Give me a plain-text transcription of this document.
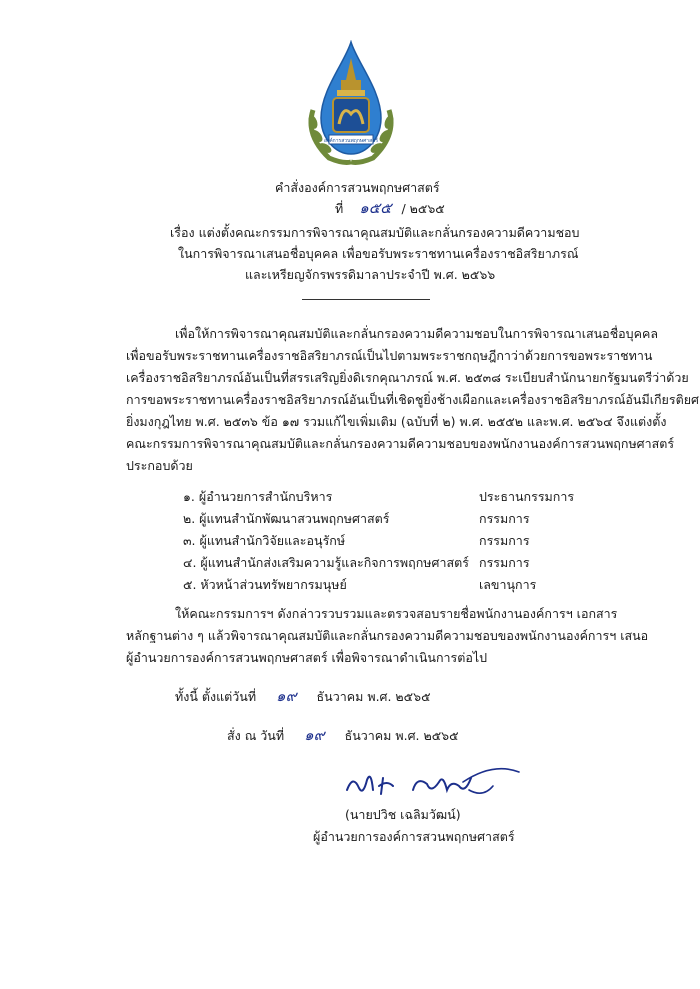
องค์การสวนพฤกษศาสตร์
คำสั่งองค์การสวนพฤกษศาสตร์
ที่ ๑๕๕ / ๒๕๖๕
เรื่อง แต่งตั้งคณะกรรมการพิจารณาคุณสมบัติและกลั่นกรองความดีความชอบ
ในการพิจารณาเสนอชื่อบุคคล เพื่อขอรับพระราชทานเครื่องราชอิสริยาภรณ์
และเหรียญจักรพรรดิมาลาประจำปี พ.ศ. ๒๕๖๖
เพื่อให้การพิจารณาคุณสมบัติและกลั่นกรองความดีความชอบในการพิจารณาเสนอชื่อบุคคล
เพื่อขอรับพระราชทานเครื่องราชอิสริยาภรณ์เป็นไปตามพระราชกฤษฎีกาว่าด้วยการขอพระราชทาน
เครื่องราชอิสริยาภรณ์อันเป็นที่สรรเสริญยิ่งดิเรกคุณาภรณ์ พ.ศ. ๒๕๓๘ ระเบียบสำนักนายกรัฐมนตรีว่าด้วย
การขอพระราชทานเครื่องราชอิสริยาภรณ์อันเป็นที่เชิดชูยิ่งช้างเผือกและเครื่องราชอิสริยาภรณ์อันมีเกียรติยศ
ยิ่งมงกุฎไทย พ.ศ. ๒๕๓๖ ข้อ ๑๗ รวมแก้ไขเพิ่มเติม (ฉบับที่ ๒) พ.ศ. ๒๕๕๒ และพ.ศ. ๒๕๖๔ จึงแต่งตั้ง
คณะกรรมการพิจารณาคุณสมบัติและกลั่นกรองความดีความชอบของพนักงานองค์การสวนพฤกษศาสตร์
ประกอบด้วย
๑. ผู้อำนวยการสำนักบริหาร	ประธานกรรมการ
๒. ผู้แทนสำนักพัฒนาสวนพฤกษศาสตร์	กรรมการ
๓. ผู้แทนสำนักวิจัยและอนุรักษ์	กรรมการ
๔. ผู้แทนสำนักส่งเสริมความรู้และกิจการพฤกษศาสตร์ กรรมการ
๕. หัวหน้าส่วนทรัพยากรมนุษย์	เลขานุการ
ให้คณะกรรมการฯ ดังกล่าวรวบรวมและตรวจสอบรายชื่อพนักงานองค์การฯ เอกสาร
หลักฐานต่าง ๆ แล้วพิจารณาคุณสมบัติและกลั่นกรองความดีความชอบของพนักงานองค์การฯ เสนอ
ผู้อำนวยการองค์การสวนพฤกษศาสตร์ เพื่อพิจารณาดำเนินการต่อไป
ทั้งนี้ ตั้งแต่วันที่ ๑๙ ธันวาคม พ.ศ. ๒๕๖๕
สั่ง ณ วันที่ ๑๙ ธันวาคม พ.ศ. ๒๕๖๕
(นายปวิช เฉลิมวัฒน์)
ผู้อำนวยการองค์การสวนพฤกษศาสตร์
